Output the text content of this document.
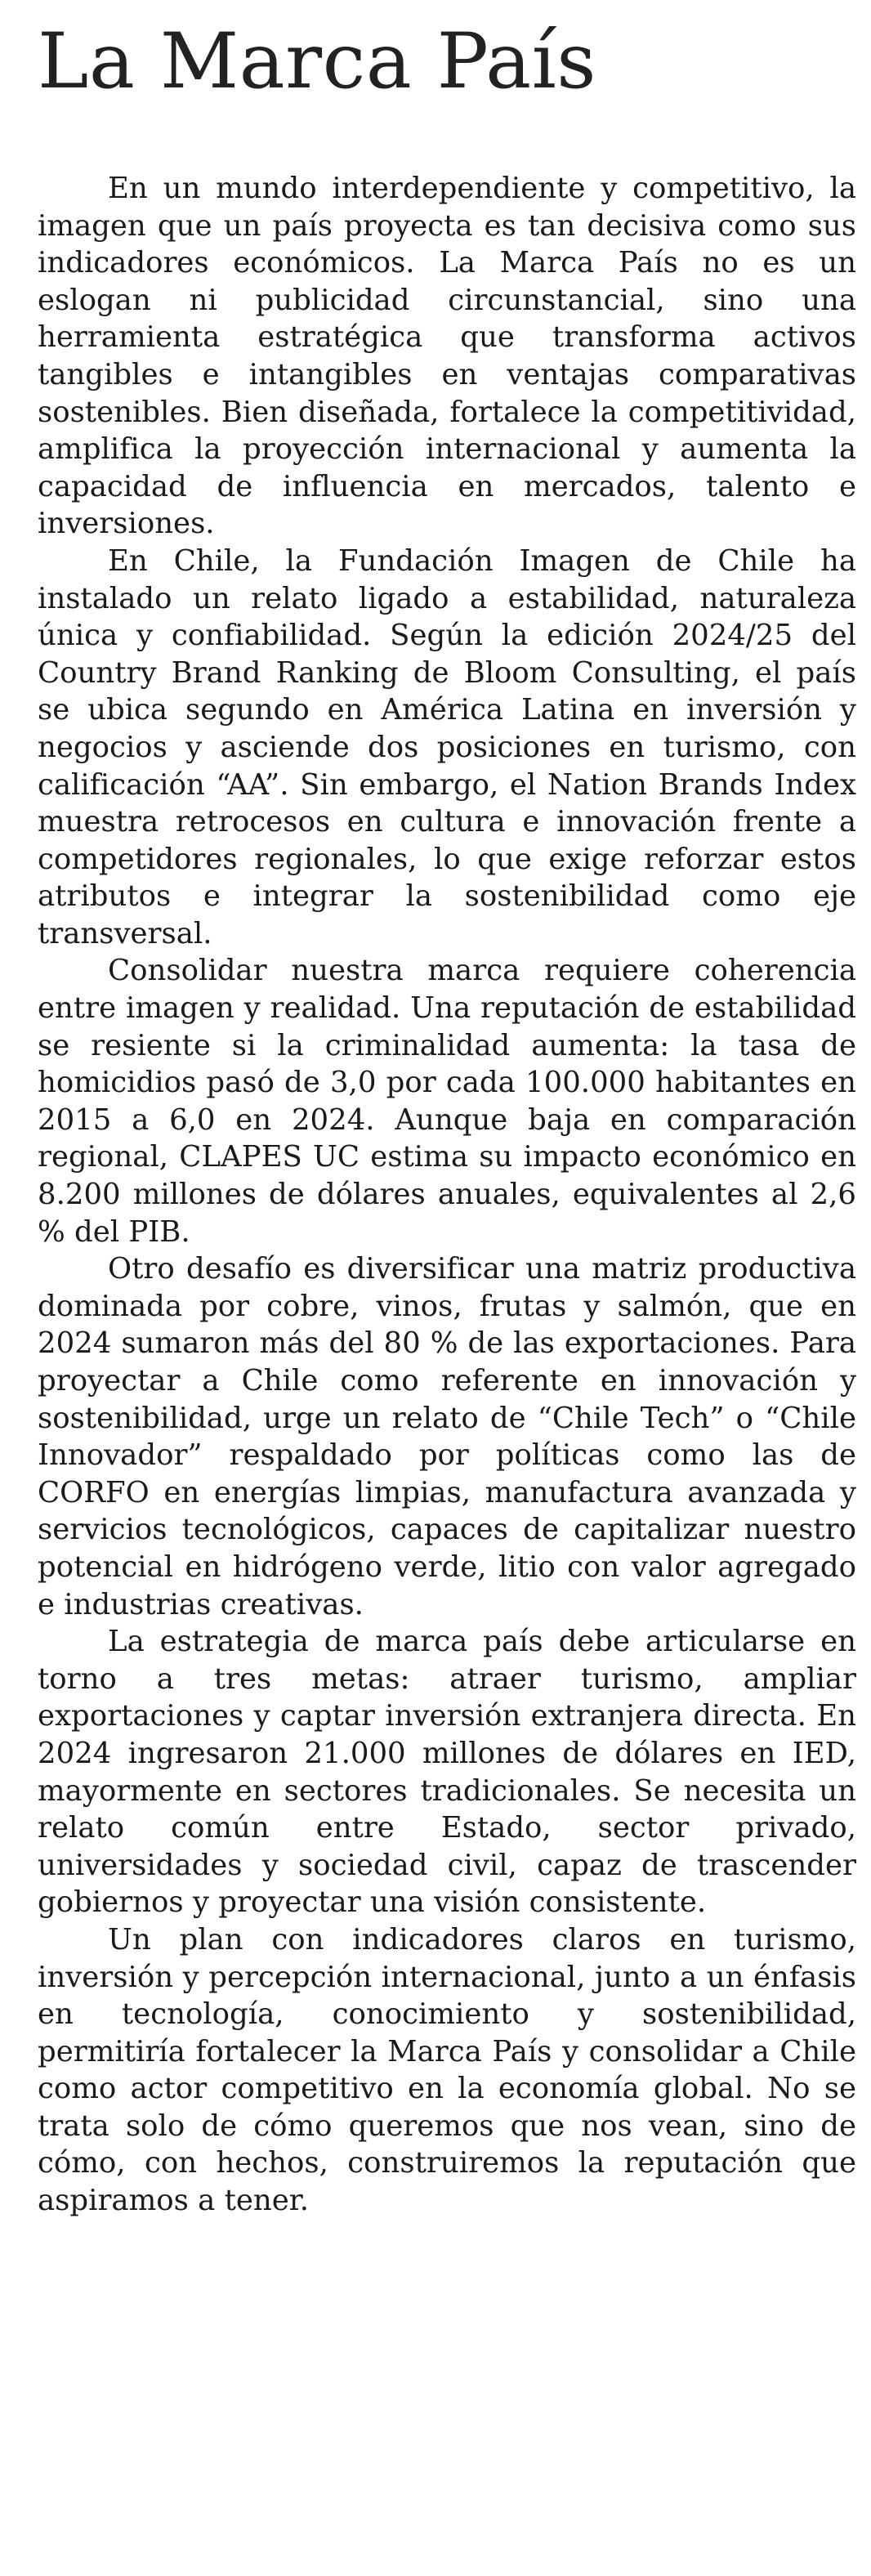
La Marca País

En un mundo interdependiente y competitivo, la imagen que un país proyecta es tan decisiva como sus indicadores económicos. La Marca País no es un eslogan ni publicidad circunstancial, sino una herramienta estratégica que transforma activos tangibles e intangibles en ventajas comparativas sostenibles. Bien diseñada, fortalece la competitividad, amplifica la proyección internacional y aumenta la capacidad de influencia en mercados, talento e inversiones.

En Chile, la Fundación Imagen de Chile ha instalado un relato ligado a estabilidad, naturaleza única y confiabilidad. Según la edición 2024/25 del Country Brand Ranking de Bloom Consulting, el país se ubica segundo en América Latina en inversión y negocios y asciende dos posiciones en turismo, con calificación “AA”. Sin embargo, el Nation Brands Index muestra retrocesos en cultura e innovación frente a competidores regionales, lo que exige reforzar estos atributos e integrar la sostenibilidad como eje transversal.

Consolidar nuestra marca requiere coherencia entre imagen y realidad. Una reputación de estabilidad se resiente si la criminalidad aumenta: la tasa de homicidios pasó de 3,0 por cada 100.000 habitantes en 2015 a 6,0 en 2024. Aunque baja en comparación regional, CLAPES UC estima su impacto económico en 8.200 millones de dólares anuales, equivalentes al 2,6 % del PIB.

Otro desafío es diversificar una matriz productiva dominada por cobre, vinos, frutas y salmón, que en 2024 sumaron más del 80 % de las exportaciones. Para proyectar a Chile como referente en innovación y sostenibilidad, urge un relato de “Chile Tech” o “Chile Innovador” respaldado por políticas como las de CORFO en energías limpias, manufactura avanzada y servicios tecnológicos, capaces de capitalizar nuestro potencial en hidrógeno verde, litio con valor agregado e industrias creativas.

La estrategia de marca país debe articularse en torno a tres metas: atraer turismo, ampliar exportaciones y captar inversión extranjera directa. En 2024 ingresaron 21.000 millones de dólares en IED, mayormente en sectores tradicionales. Se necesita un relato común entre Estado, sector privado, universidades y sociedad civil, capaz de trascender gobiernos y proyectar una visión consistente.

Un plan con indicadores claros en turismo, inversión y percepción internacional, junto a un énfasis en tecnología, conocimiento y sostenibilidad, permitiría fortalecer la Marca País y consolidar a Chile como actor competitivo en la economía global. No se trata solo de cómo queremos que nos vean, sino de cómo, con hechos, construiremos la reputación que aspiramos a tener.
